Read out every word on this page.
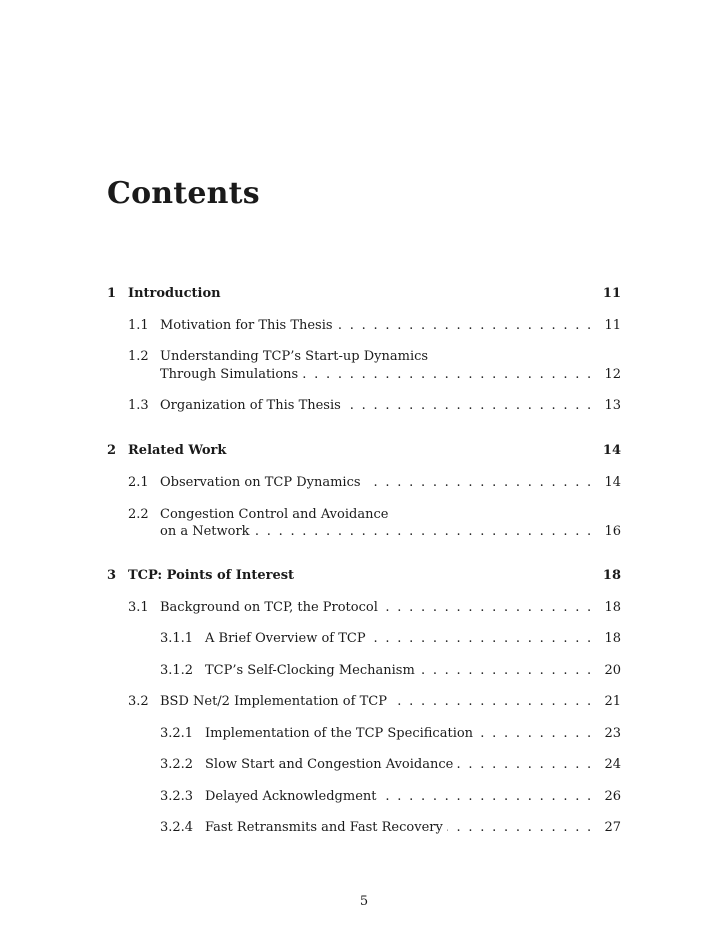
Contents
1 Introduction	11
1.1 Motivation for This Thesis . . .	11
1.2 Understanding TCP’s Start-up Dynamics
Through Simulations . . .	12
1.3 Organization of This Thesis . . .	13
2 Related Work	14
2.1 Observation on TCP Dynamics . . .	14
2.2 Congestion Control and Avoidance
on a Network . . .	16
3 TCP: Points of Interest	18
3.1 Background on TCP, the Protocol . . .	18
3.1.1 A Brief Overview of TCP . . .	18
3.1.2 TCP’s Self-Clocking Mechanism . . .	20
3.2 BSD Net/2 Implementation of TCP . . .	21
3.2.1 Implementation of the TCP Specification . . .	23
3.2.2 Slow Start and Congestion Avoidance . . .	24
3.2.3 Delayed Acknowledgment . . .	26
3.2.4 Fast Retransmits and Fast Recovery . . .	27
5
